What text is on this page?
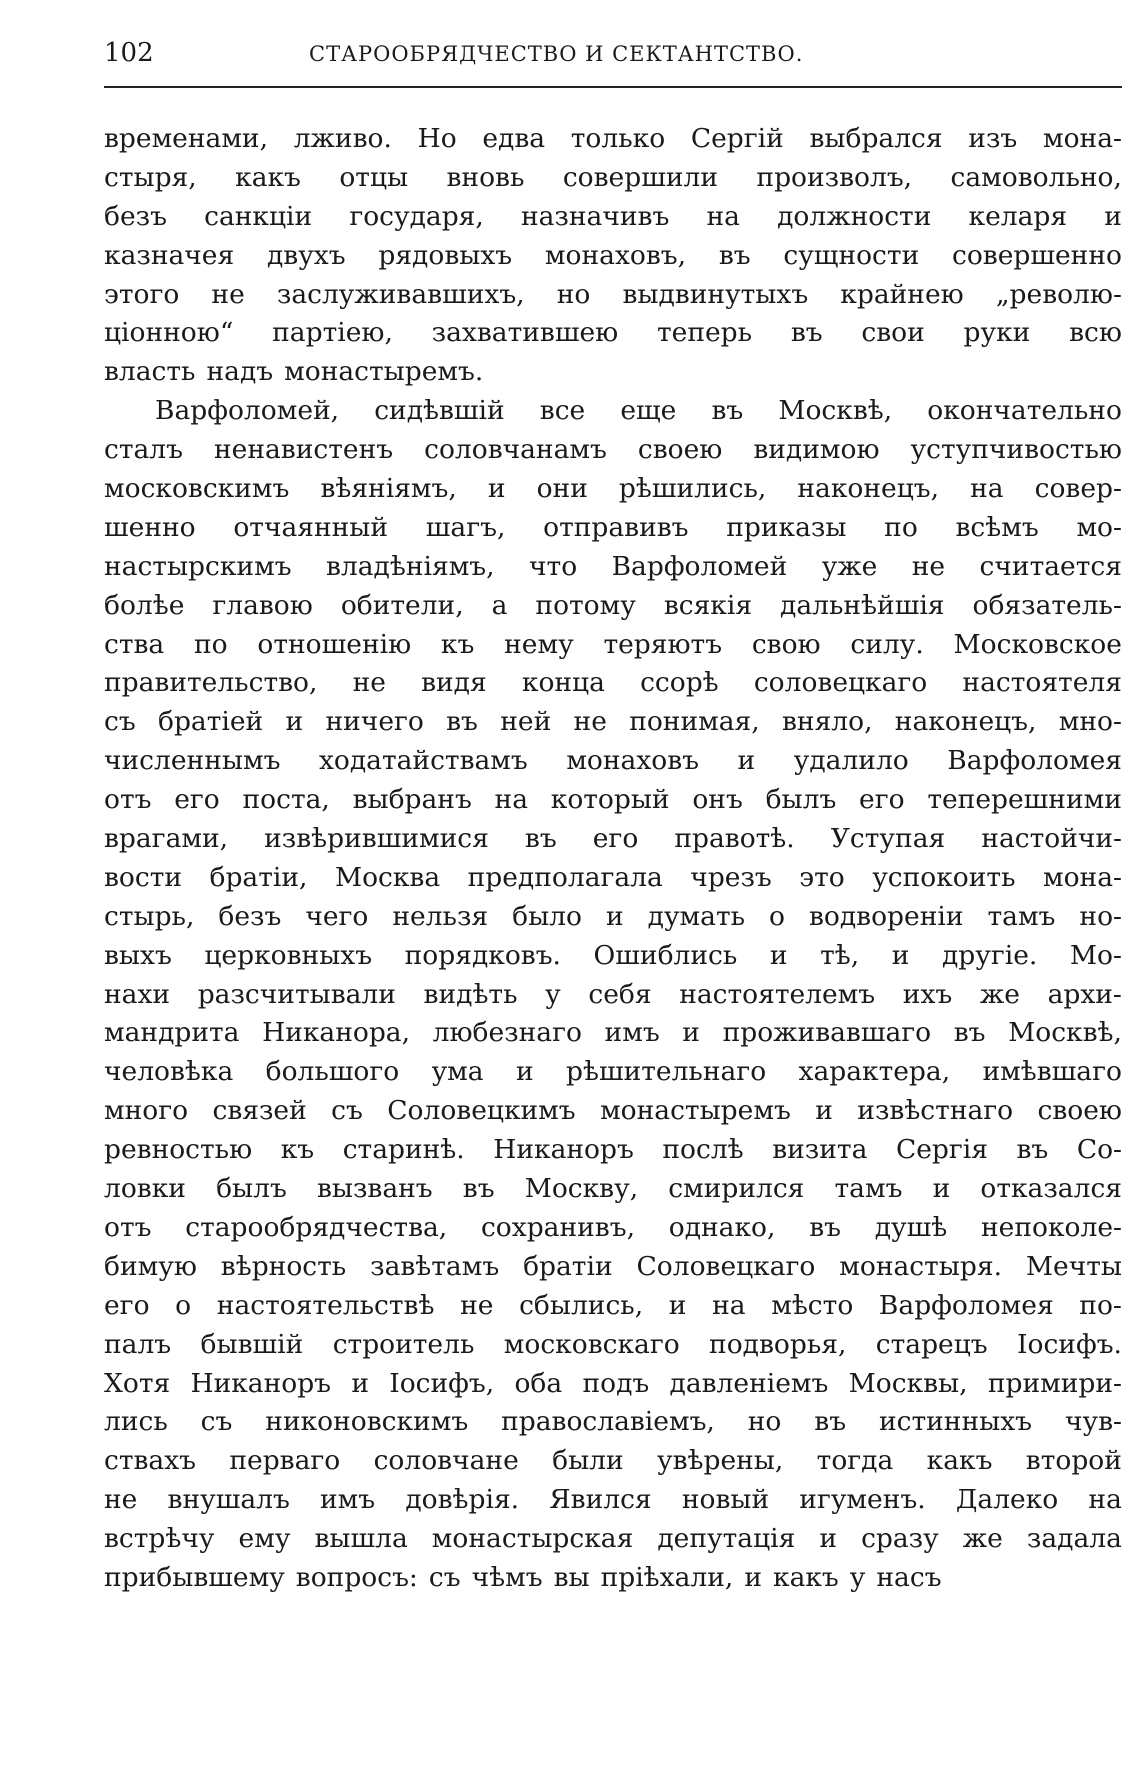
102	СТАРООБРЯДЧЕСТВО И СЕКТАНТСТВО.

временами, лживо. Но едва только Сергій выбрался изъ мона-
стыря, какъ отцы вновь совершили произволъ, самовольно,
безъ санкціи государя, назначивъ на должности келаря и
казначея двухъ рядовыхъ монаховъ, въ сущности совершенно
этого не заслуживавшихъ, но выдвинутыхъ крайнею „револю-
ціонною“ партіею, захватившею теперь въ свои руки всю
власть надъ монастыремъ.

Варфоломей, сидѣвшій все еще въ Москвѣ, окончательно
сталъ ненавистенъ соловчанамъ своею видимою уступчивостью
московскимъ вѣяніямъ, и они рѣшились, наконецъ, на совер-
шенно отчаянный шагъ, отправивъ приказы по всѣмъ мо-
настырскимъ владѣніямъ, что Варфоломей уже не считается
болѣе главою обители, а потому всякія дальнѣйшія обязатель-
ства по отношенію къ нему теряютъ свою силу. Московское
правительство, не видя конца ссорѣ соловецкаго настоятеля
съ братіей и ничего въ ней не понимая, вняло, наконецъ, мно-
численнымъ ходатайствамъ монаховъ и удалило Варфоломея
отъ его поста, выбранъ на который онъ былъ его теперешними
врагами, извѣрившимися въ его правотѣ. Уступая настойчи-
вости братіи, Москва предполагала чрезъ это успокоить мона-
стырь, безъ чего нельзя было и думать о водвореніи тамъ но-
выхъ церковныхъ порядковъ. Ошиблись и тѣ, и другіе. Мо-
нахи разсчитывали видѣть у себя настоятелемъ ихъ же архи-
мандрита Никанора, любезнаго имъ и проживавшаго въ Москвѣ,
человѣка большого ума и рѣшительнаго характера, имѣвшаго
много связей съ Соловецкимъ монастыремъ и извѣстнаго своею
ревностью къ старинѣ. Никаноръ послѣ визита Сергія въ Со-
ловки былъ вызванъ въ Москву, смирился тамъ и отказался
отъ старообрядчества, сохранивъ, однако, въ душѣ непоколе-
бимую вѣрность завѣтамъ братіи Соловецкаго монастыря. Мечты
его о настоятельствѣ не сбылись, и на мѣсто Варфоломея по-
палъ бывшій строитель московскаго подворья, старецъ Іосифъ.
Хотя Никаноръ и Іосифъ, оба подъ давленіемъ Москвы, примири-
лись съ никоновскимъ православіемъ, но въ истинныхъ чув-
ствахъ перваго соловчане были увѣрены, тогда какъ второй
не внушалъ имъ довѣрія. Явился новый игуменъ. Далеко на
встрѣчу ему вышла монастырская депутація и сразу же задала
прибывшему вопросъ: съ чѣмъ вы пріѣхали, и какъ у насъ
